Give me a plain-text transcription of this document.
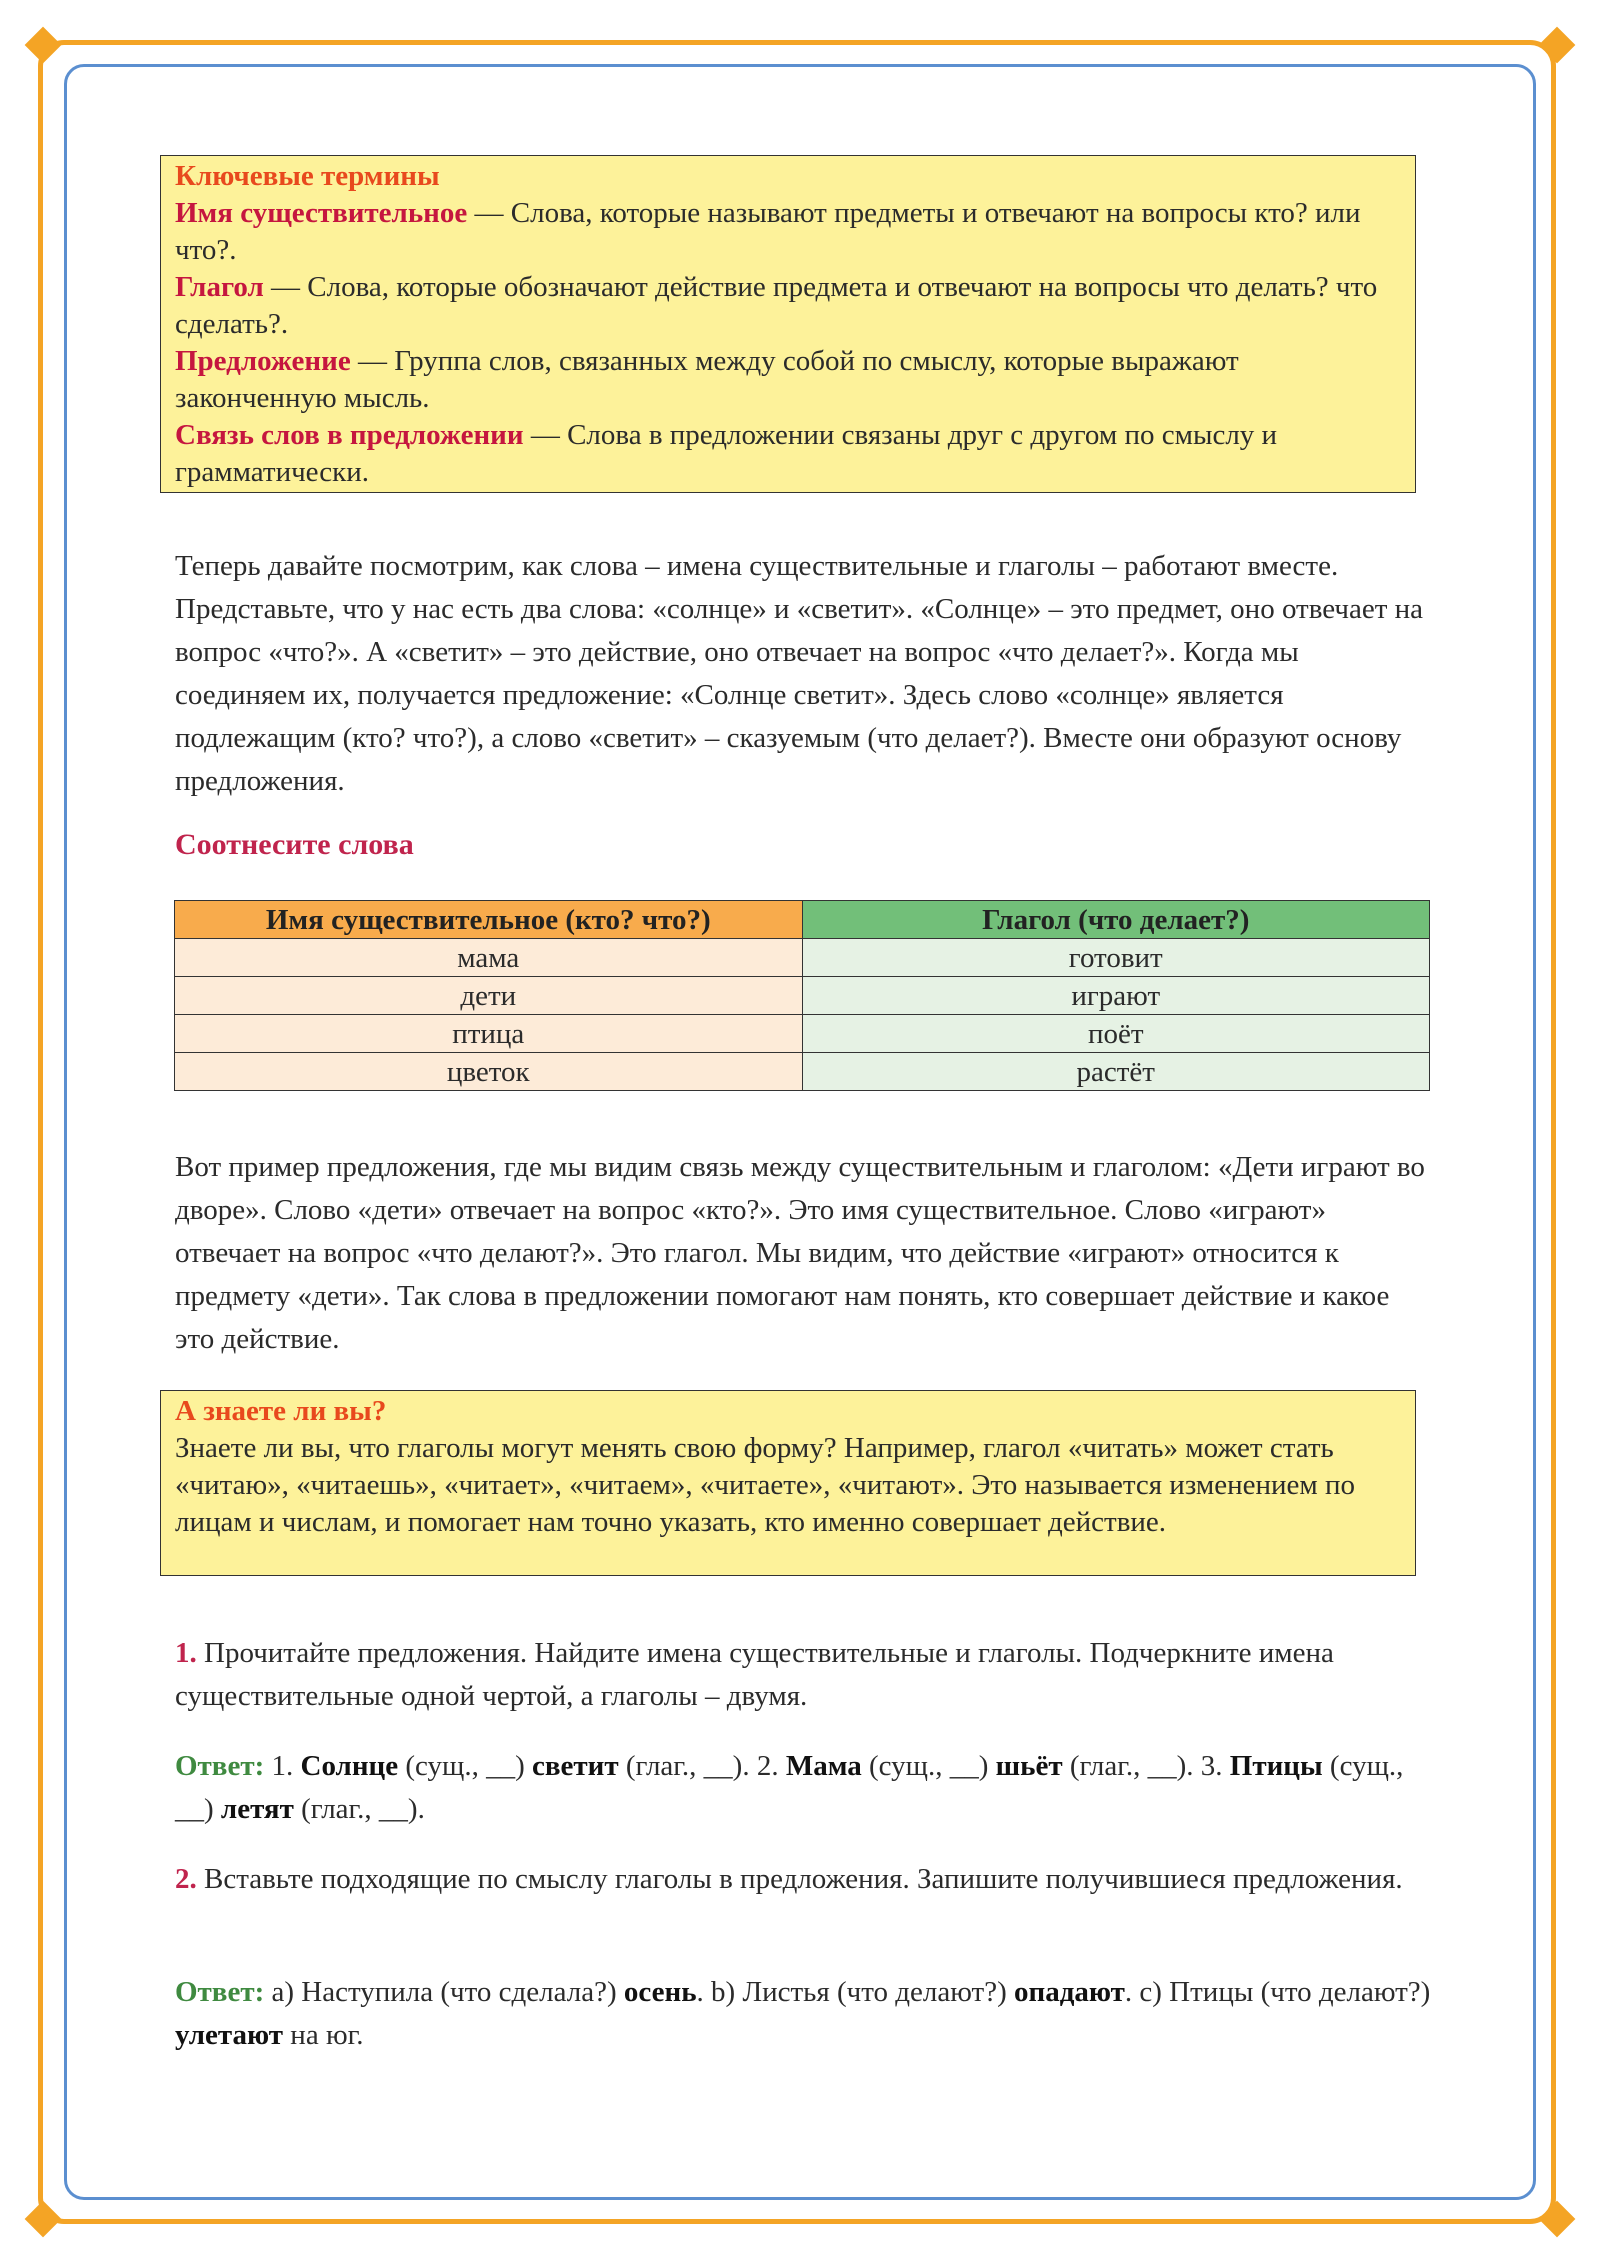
Ключевые термины
Имя существительное — Слова, которые называют предметы и отвечают на вопросы кто? или что?.
Глагол — Слова, которые обозначают действие предмета и отвечают на вопросы что делать? что сделать?.
Предложение — Группа слов, связанных между собой по смыслу, которые выражают законченную мысль.
Связь слов в предложении — Слова в предложении связаны друг с другом по смыслу и грамматически.

Теперь давайте посмотрим, как слова – имена существительные и глаголы – работают вместе. Представьте, что у нас есть два слова: «солнце» и «светит». «Солнце» – это предмет, оно отвечает на вопрос «что?». А «светит» – это действие, оно отвечает на вопрос «что делает?». Когда мы соединяем их, получается предложение: «Солнце светит». Здесь слово «солнце» является подлежащим (кто? что?), а слово «светит» – сказуемым (что делает?). Вместе они образуют основу предложения.

Соотнесите слова
Имя существительное (кто? что?)	Глагол (что делает?)
мама	готовит
дети	играют
птица	поёт
цветок	растёт

Вот пример предложения, где мы видим связь между существительным и глаголом: «Дети играют во дворе». Слово «дети» отвечает на вопрос «кто?». Это имя существительное. Слово «играют» отвечает на вопрос «что делают?». Это глагол. Мы видим, что действие «играют» относится к предмету «дети». Так слова в предложении помогают нам понять, кто совершает действие и какое это действие.

А знаете ли вы?
Знаете ли вы, что глаголы могут менять свою форму? Например, глагол «читать» может стать «читаю», «читаешь», «читает», «читаем», «читаете», «читают». Это называется изменением по лицам и числам, и помогает нам точно указать, кто именно совершает действие.

1. Прочитайте предложения. Найдите имена существительные и глаголы. Подчеркните имена существительные одной чертой, а глаголы – двумя.

Ответ: 1. Солнце (сущ., __) светит (глаг., __). 2. Мама (сущ., __) шьёт (глаг., __). 3. Птицы (сущ., __) летят (глаг., __).

2. Вставьте подходящие по смыслу глаголы в предложения. Запишите получившиеся предложения.

Ответ: а) Наступила (что сделала?) осень. b) Листья (что делают?) опадают. c) Птицы (что делают?) улетают на юг.
